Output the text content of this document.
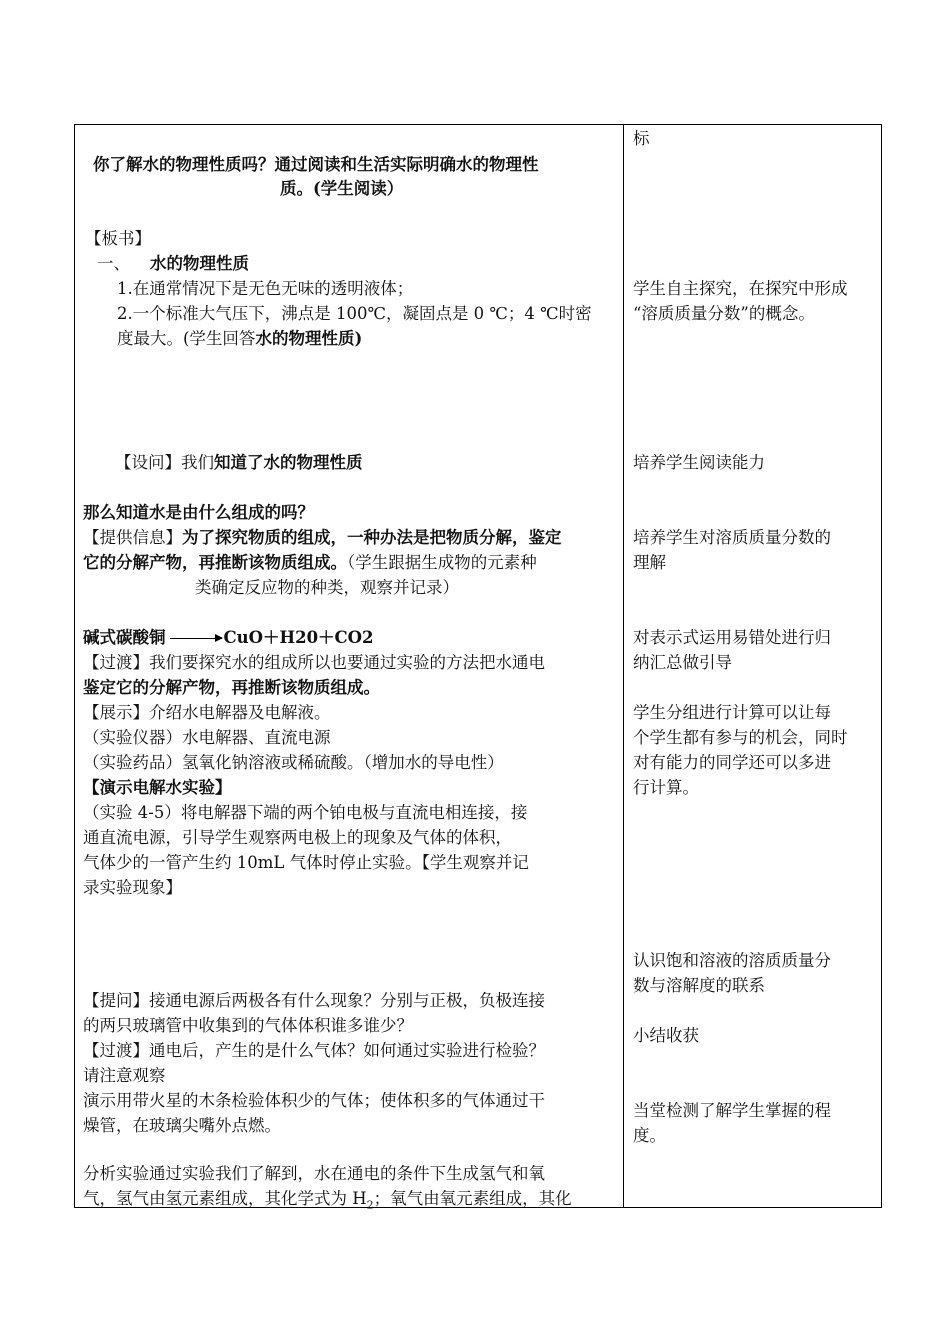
你了解水的物理性质吗？通过阅读和生活实际明确水的物理性
质。(学生阅读）
【板书】
一、 水的物理性质
1.在通常情况下是无色无味的透明液体；
2.一个标准大气压下，沸点是 100℃，凝固点是 0 ℃；4 ℃时密
度最大。(学生回答水的物理性质)
【设问】我们知道了水的物理性质
那么知道水是由什么组成的吗？
【提供信息】为了探究物质的组成，一种办法是把物质分解，鉴定
它的分解产物，再推断该物质组成。（学生跟据生成物的元素种
类确定反应物的种类，观察并记录）
碱式碳酸铜 → CuO＋H20＋CO2
【过渡】我们要探究水的组成所以也要通过实验的方法把水通电
鉴定它的分解产物，再推断该物质组成。
【展示】介绍水电解器及电解液。
（实验仪器）水电解器、直流电源
（实验药品）氢氧化钠溶液或稀硫酸。（增加水的导电性）
【演示电解水实验】
（实验 4-5）将电解器下端的两个铂电极与直流电相连接，接
通直流电源，引导学生观察两电极上的现象及气体的体积，
气体少的一管产生约 10mL 气体时停止实验。【学生观察并记
录实验现象】
【提问】接通电源后两极各有什么现象？分别与正极，负极连接
的两只玻璃管中收集到的气体体积谁多谁少？
【过渡】通电后，产生的是什么气体？如何通过实验进行检验？
请注意观察
演示用带火星的木条检验体积少的气体；使体积多的气体通过干
燥管，在玻璃尖嘴外点燃。
分析实验通过实验我们了解到，水在通电的条件下生成氢气和氧
气，氢气由氢元素组成，其化学式为 $H_2$；氧气由氧元素组成，其化
标
学生自主探究，在探究中形成
“溶质质量分数”的概念。
培养学生阅读能力
培养学生对溶质质量分数的
理解
对表示式运用易错处进行归
纳汇总做引导
学生分组进行计算可以让每
个学生都有参与的机会，同时
对有能力的同学还可以多进
行计算。
认识饱和溶液的溶质质量分
数与溶解度的联系
小结收获
当堂检测了解学生掌握的程
度。
